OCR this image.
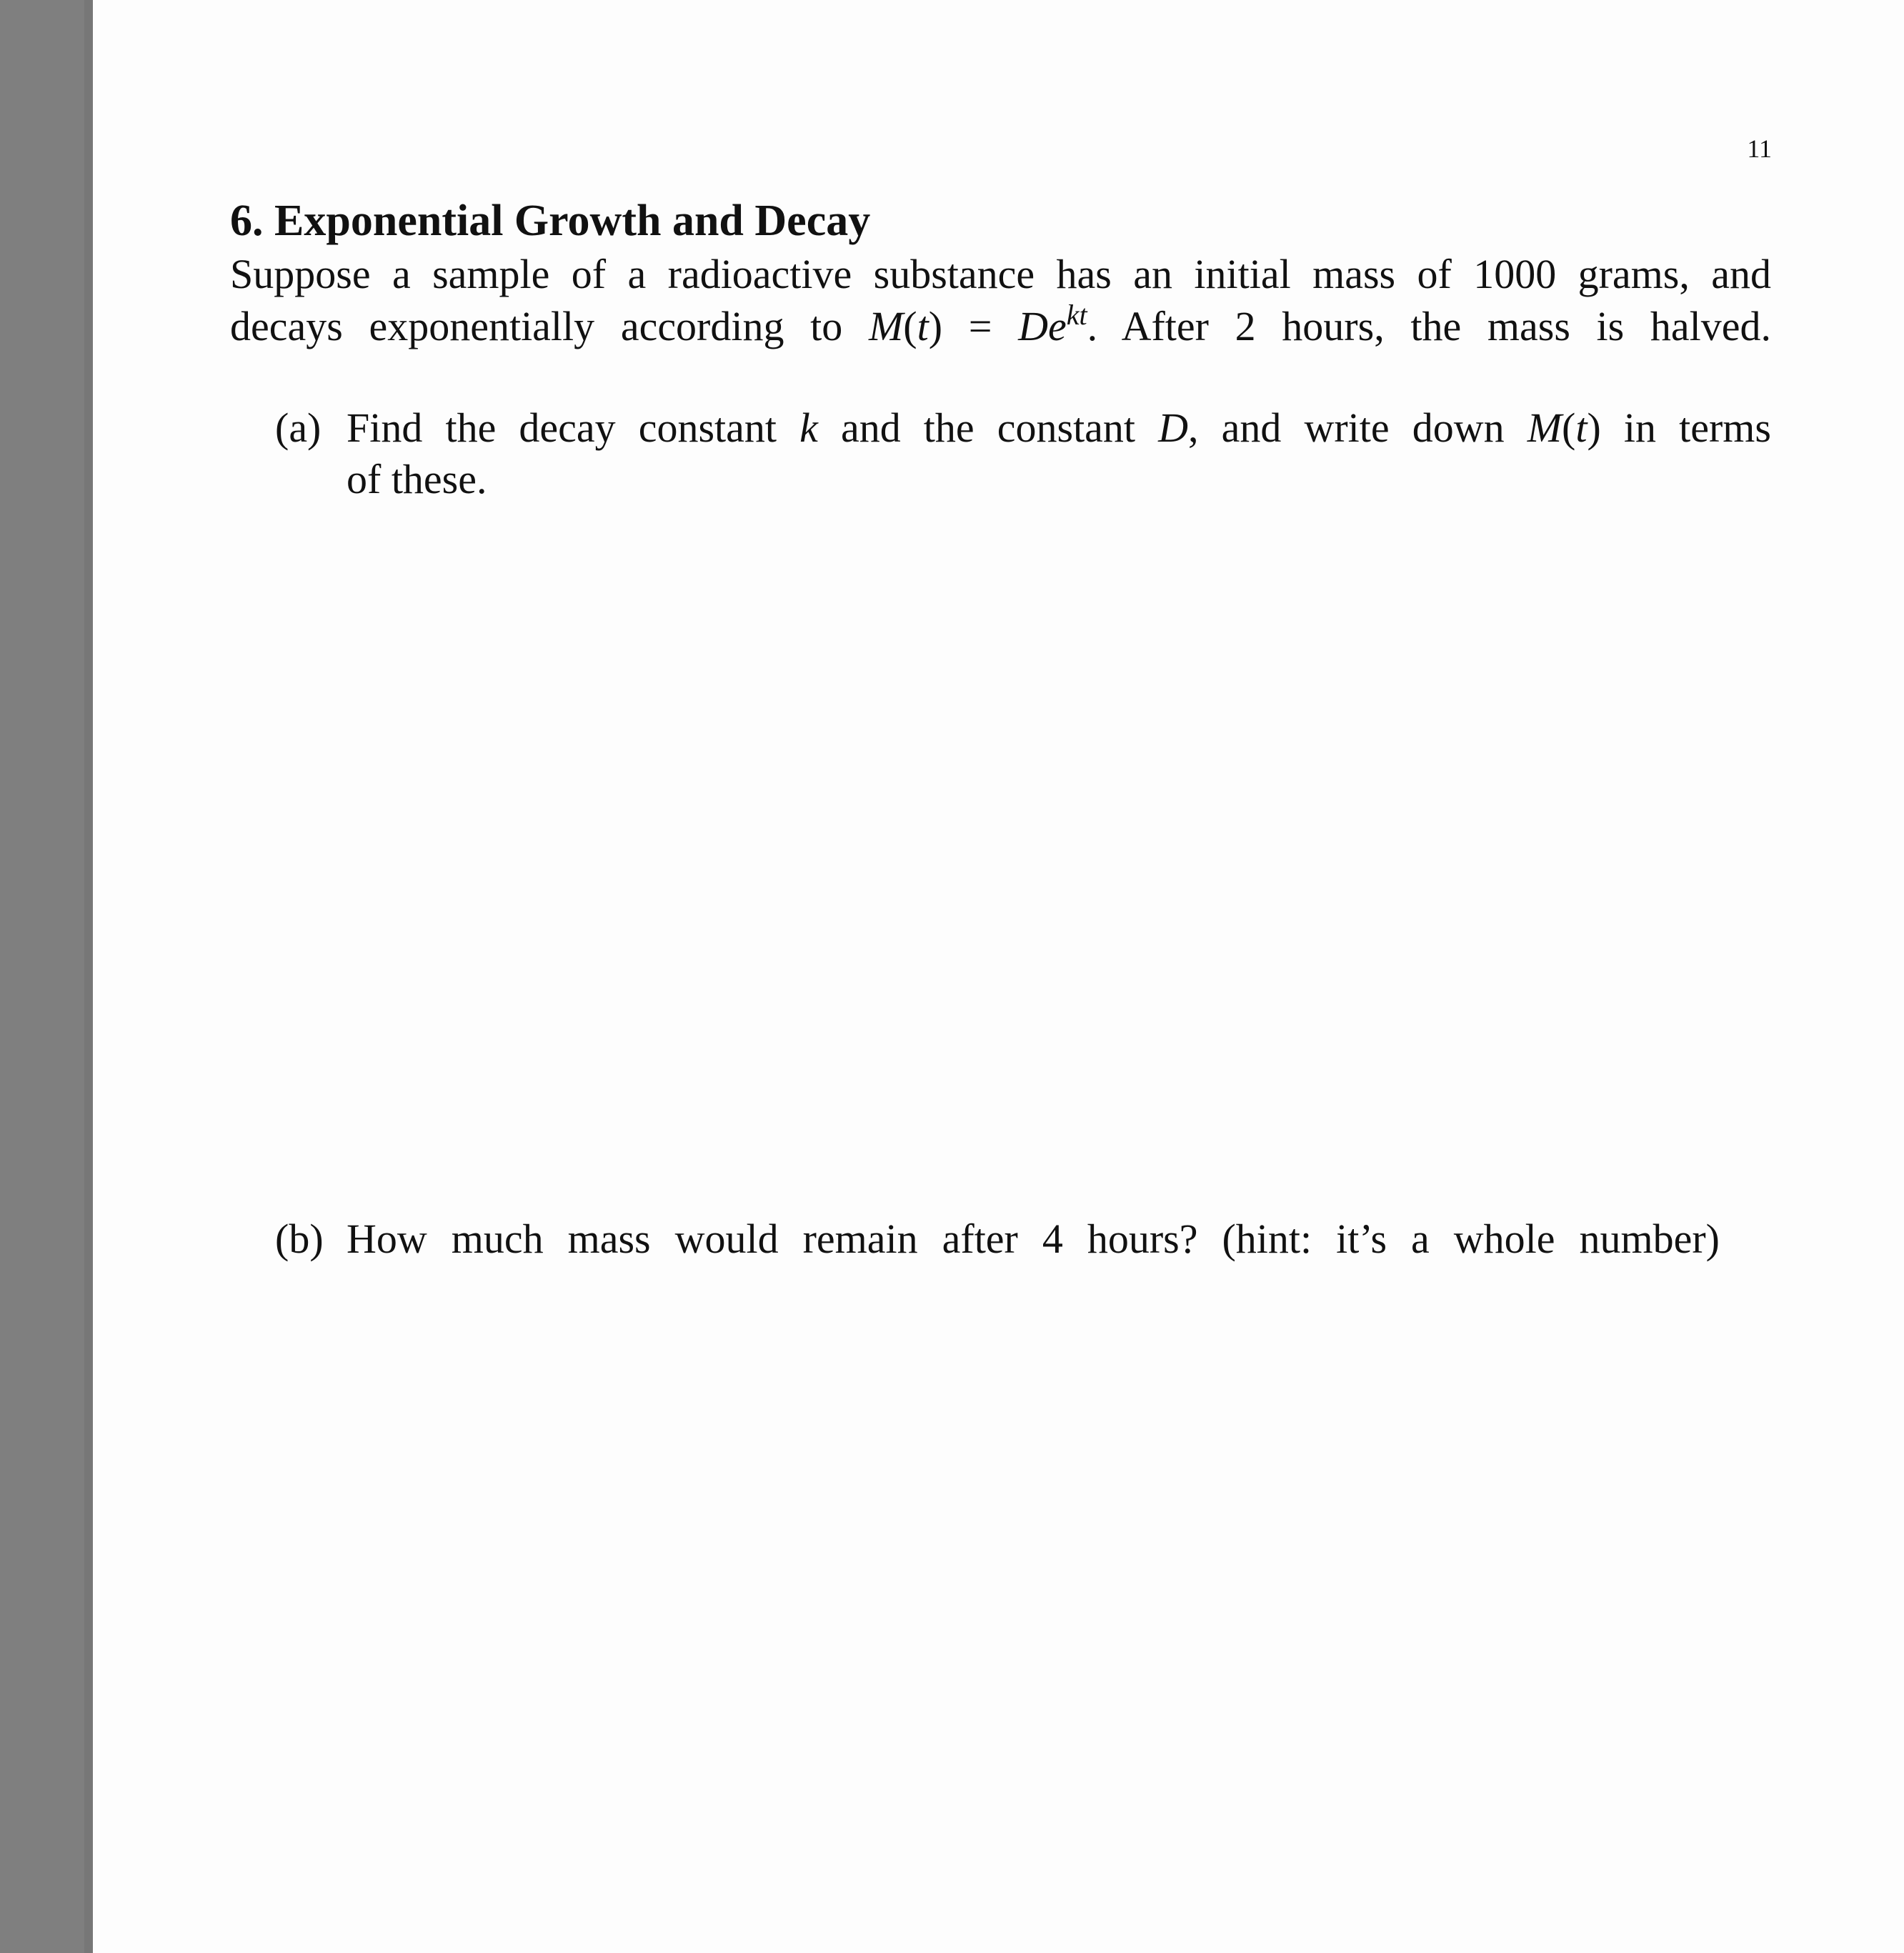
11
6. Exponential Growth and Decay
Suppose a sample of a radioactive substance has an initial mass of 1000 grams, and
decays exponentially according to $M(t) = De^{kt}$. After 2 hours, the mass is halved.
(a) Find the decay constant k and the constant D, and write down M(t) in terms
of these.
(b) How much mass would remain after 4 hours? (hint: it’s a whole number)
